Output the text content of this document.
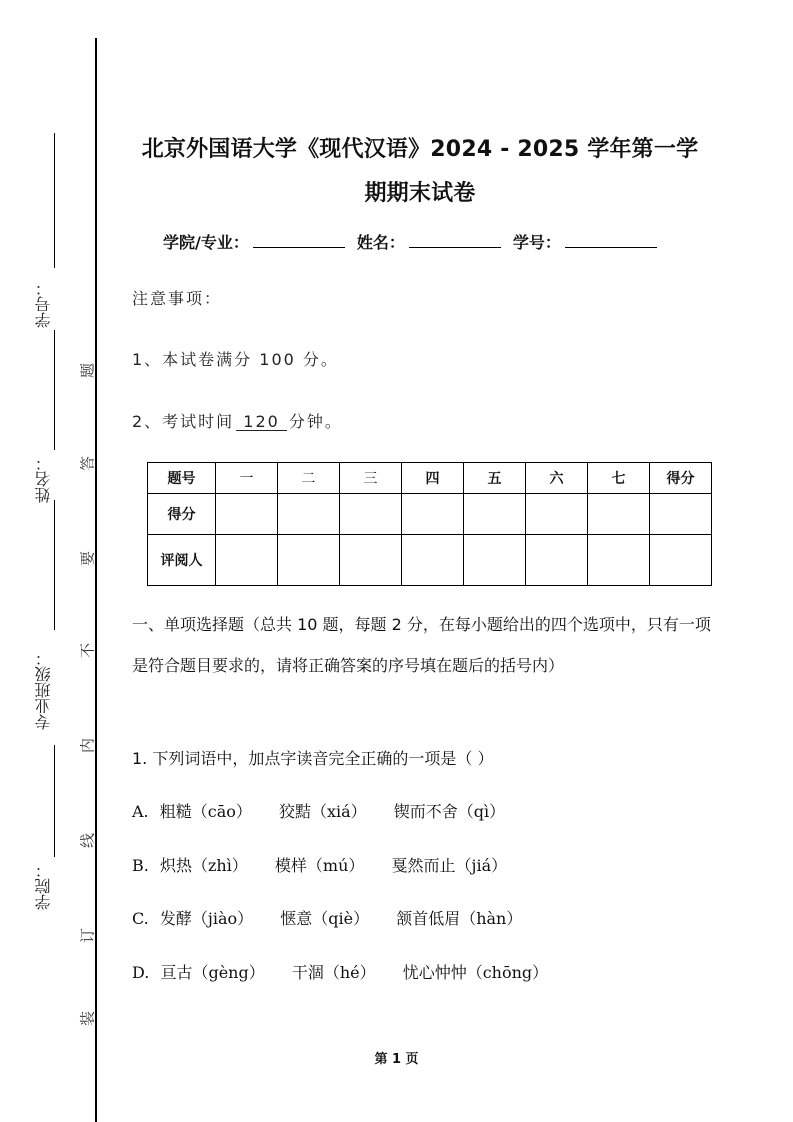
学号：
姓名：
专业班级：
学院：
题
答
要
不
内
线
订
装
北京外国语大学《现代汉语》2024 - 2025 学年第一学
期期末试卷
学院/专业：	姓名：	学号：
注意事项：
1、本试卷满分 100 分。
2、考试时间 120 分钟。
题号	一	二	三	四	五	六	七	得分
得分								
评阅人								
一、单项选择题（总共 10 题，每题 2 分，在每小题给出的四个选项中，只有一项是符合题目要求的，请将正确答案的序号填在题后的括号内）
1. 下列词语中，加点字读音完全正确的一项是（ ）
A. 粗糙（cāo） 狡黠（xiá） 锲而不舍（qì）
B. 炽热（zhì） 模样（mú） 戛然而止（jiá）
C. 发酵（jiào） 惬意（qiè） 颔首低眉（hàn）
D. 亘古（gèng） 干涸（hé） 忧心忡忡（chōng）
第 1 页
